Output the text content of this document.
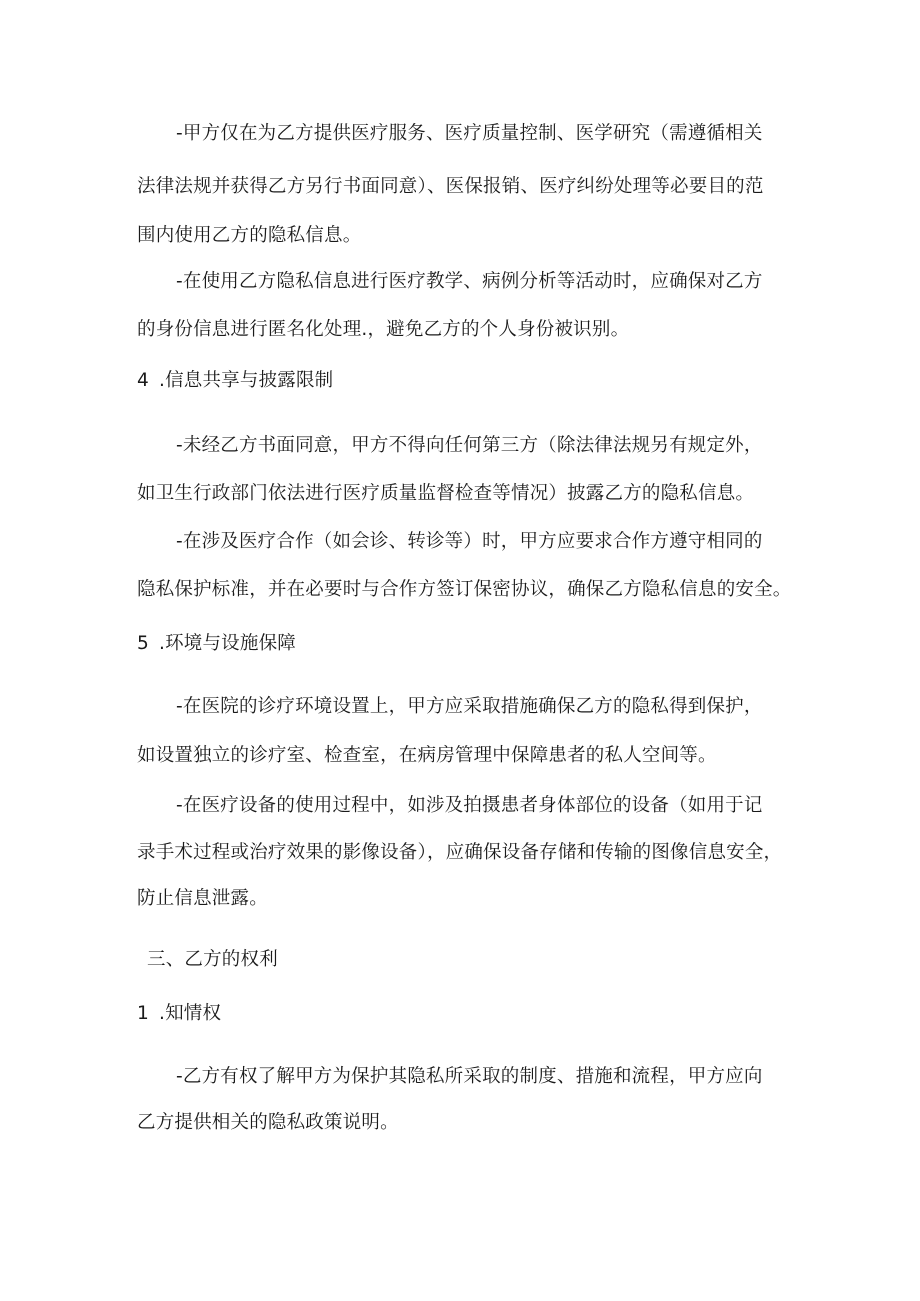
-甲方仅在为乙方提供医疗服务、医疗质量控制、医学研究（需遵循相关
法律法规并获得乙方另行书面同意）、医保报销、医疗纠纷处理等必要目的范
围内使用乙方的隐私信息。
-在使用乙方隐私信息进行医疗教学、病例分析等活动时，应确保对乙方
的身份信息进行匿名化处理.，避免乙方的个人身份被识别。
4 .信息共享与披露限制
-未经乙方书面同意，甲方不得向任何第三方（除法律法规另有规定外，
如卫生行政部门依法进行医疗质量监督检查等情况）披露乙方的隐私信息。
-在涉及医疗合作（如会诊、转诊等）时，甲方应要求合作方遵守相同的
隐私保护标准，并在必要时与合作方签订保密协议，确保乙方隐私信息的安全。
5 .环境与设施保障
-在医院的诊疗环境设置上，甲方应采取措施确保乙方的隐私得到保护，
如设置独立的诊疗室、检查室，在病房管理中保障患者的私人空间等。
-在医疗设备的使用过程中，如涉及拍摄患者身体部位的设备（如用于记
录手术过程或治疗效果的影像设备），应确保设备存储和传输的图像信息安全，
防止信息泄露。
三、乙方的权利
1 .知情权
-乙方有权了解甲方为保护其隐私所采取的制度、措施和流程，甲方应向
乙方提供相关的隐私政策说明。
